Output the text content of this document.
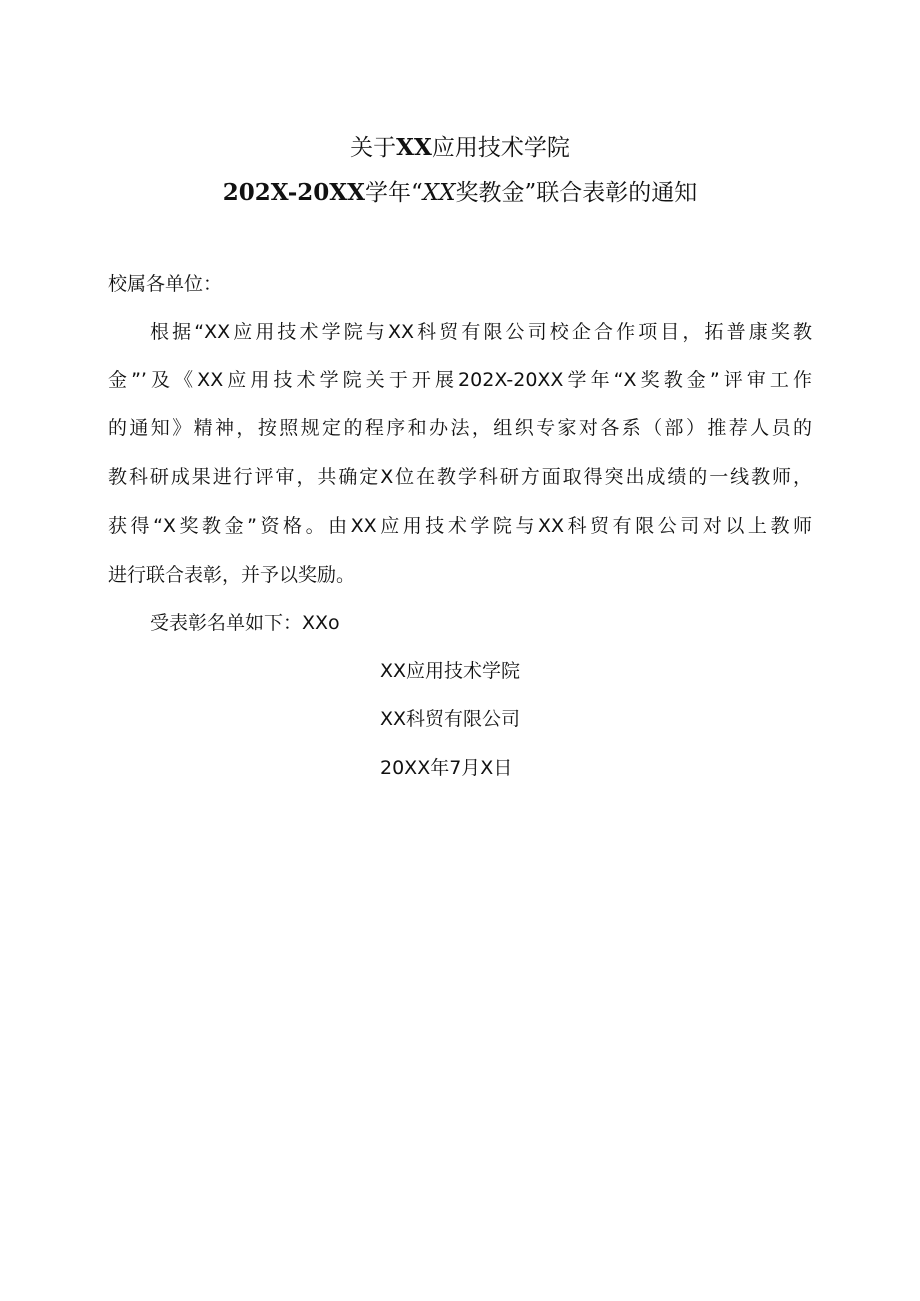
关于XX应用技术学院
202X-20XX学年“XX奖教金”联合表彰的通知
校属各单位：
根据“XX应用技术学院与XX科贸有限公司校企合作项目，拓普康奖教
金”’及《XX应用技术学院关于开展202X-20XX学年“X奖教金”评审工作
的通知》精神，按照规定的程序和办法，组织专家对各系（部）推荐人员的
教科研成果进行评审，共确定X位在教学科研方面取得突出成绩的一线教师，
获得“X奖教金”资格。由XX应用技术学院与XX科贸有限公司对以上教师
进行联合表彰，并予以奖励。
受表彰名单如下：XXo
XX应用技术学院
XX科贸有限公司
20XX年7月X日
